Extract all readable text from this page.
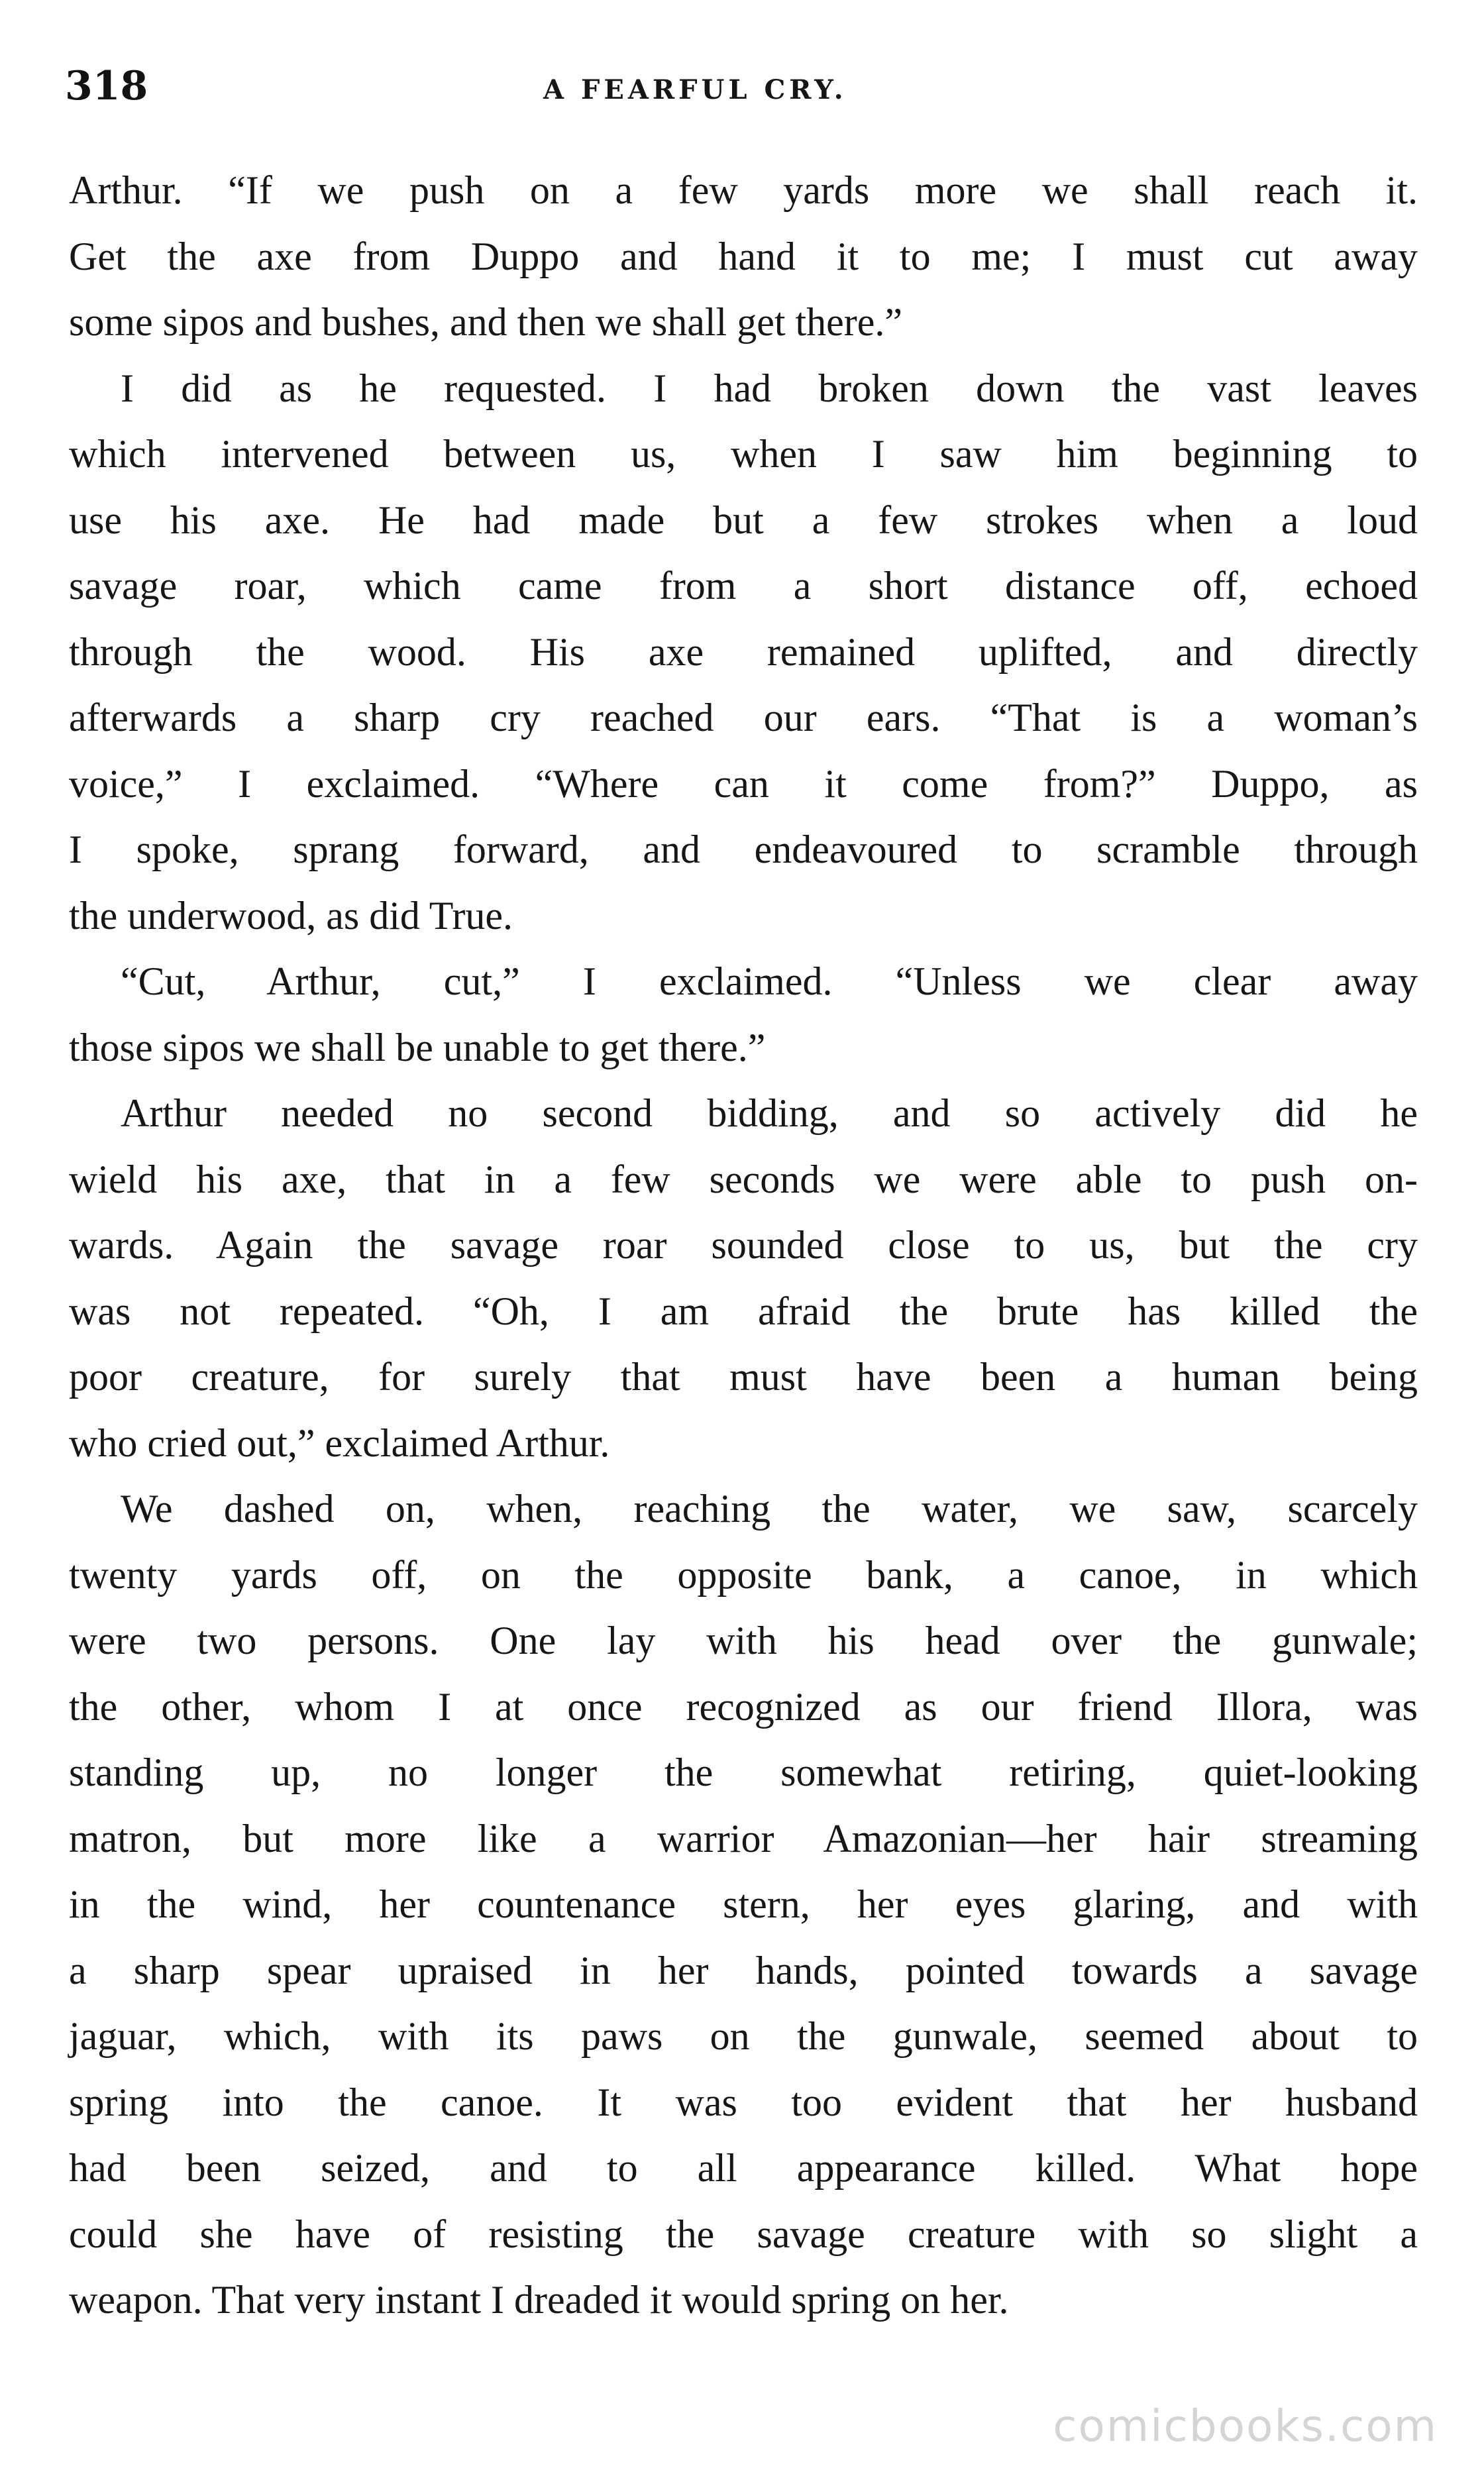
318	A FEARFUL CRY.
Arthur. “If we push on a few yards more we shall reach it.
Get the axe from Duppo and hand it to me; I must cut away
some sipos and bushes, and then we shall get there.”
I did as he requested. I had broken down the vast leaves
which intervened between us, when I saw him beginning to
use his axe. He had made but a few strokes when a loud
savage roar, which came from a short distance off, echoed
through the wood. His axe remained uplifted, and directly
afterwards a sharp cry reached our ears. “That is a woman’s
voice,” I exclaimed. “Where can it come from?” Duppo, as
I spoke, sprang forward, and endeavoured to scramble through
the underwood, as did True.
“Cut, Arthur, cut,” I exclaimed. “Unless we clear away
those sipos we shall be unable to get there.”
Arthur needed no second bidding, and so actively did he
wield his axe, that in a few seconds we were able to push on-
wards. Again the savage roar sounded close to us, but the cry
was not repeated. “Oh, I am afraid the brute has killed the
poor creature, for surely that must have been a human being
who cried out,” exclaimed Arthur.
We dashed on, when, reaching the water, we saw, scarcely
twenty yards off, on the opposite bank, a canoe, in which
were two persons. One lay with his head over the gunwale;
the other, whom I at once recognized as our friend Illora, was
standing up, no longer the somewhat retiring, quiet-looking
matron, but more like a warrior Amazonian—her hair streaming
in the wind, her countenance stern, her eyes glaring, and with
a sharp spear upraised in her hands, pointed towards a savage
jaguar, which, with its paws on the gunwale, seemed about to
spring into the canoe. It was too evident that her husband
had been seized, and to all appearance killed. What hope
could she have of resisting the savage creature with so slight a
weapon. That very instant I dreaded it would spring on her.
comicbooks.com
